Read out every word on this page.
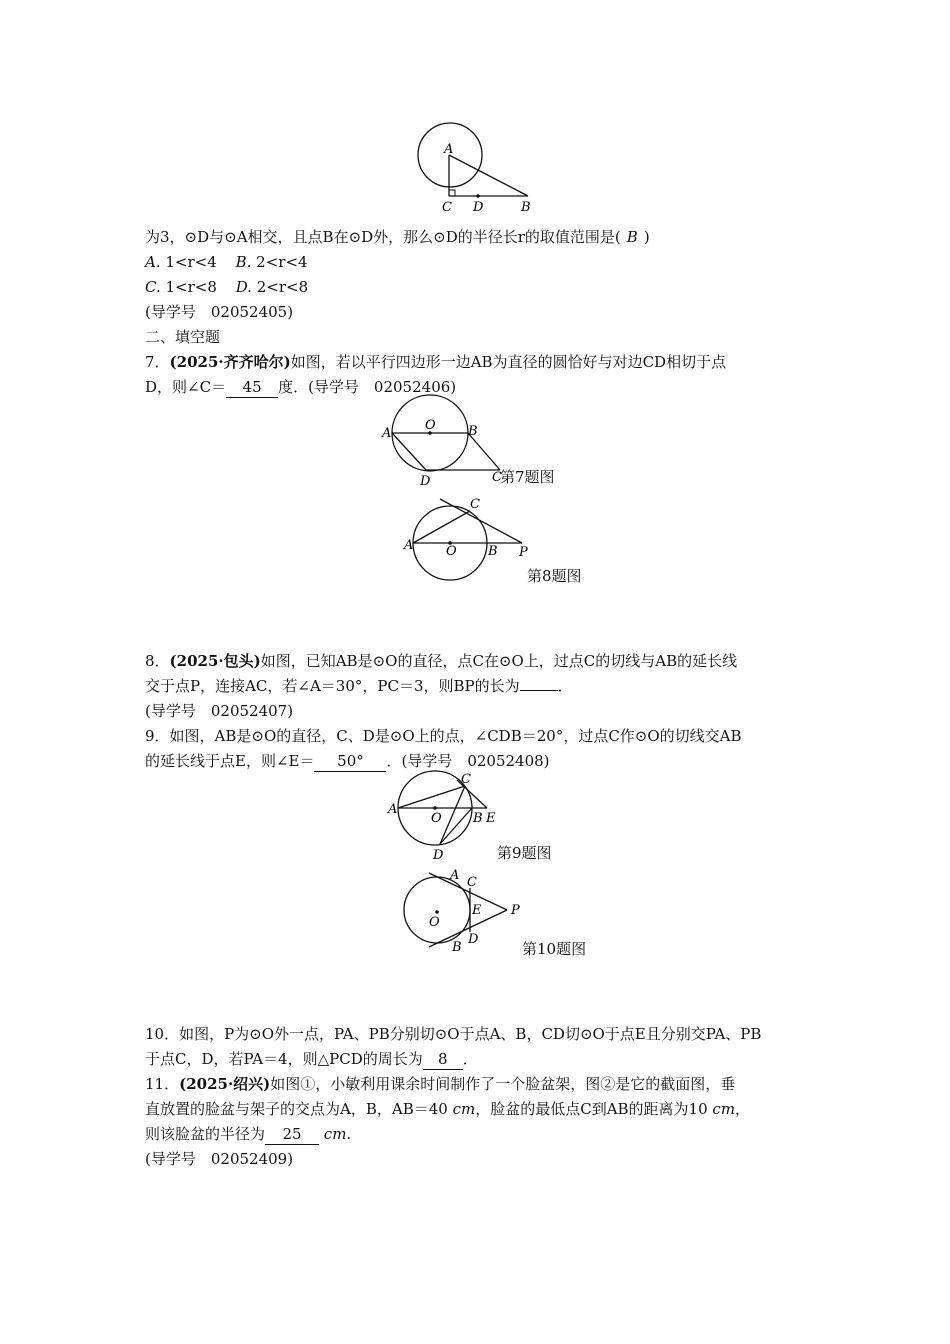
A
C D	B
为3，⊙D与⊙A相交，且点B在⊙D外，那么⊙D的半径长r的取值范围是( B )
A. 1<r<4 B. 2<r<4
C. 1<r<8 D. 2<r<8
(导学号　02052405)
二、填空题
7．(2025·齐齐哈尔)如图，若以平行四边形一边AB为直径的圆恰好与对边CD相切于点
D，则∠C＝ 45 度．(导学号　02052406)
A
O B
D	C
第7题图
A	O B
C
P
第8题图
8．(2025·包头)如图，已知AB是⊙O的直径，点C在⊙O上，过点C的切线与AB的延长线
交于点P，连接AC，若∠A＝30°，PC＝3，则BP的长为	．
(导学号　02052407)
9．如图，AB是⊙O的直径，C、D是⊙O上的点，∠CDB＝20°，过点C作⊙O的切线交AB
的延长线于点E，则∠E＝ 50° ．(导学号　02052408)
A
O B E
C
D	第9题图
A C
E P
O
B
D
第10题图
10．如图，P为⊙O外一点，PA、PB分别切⊙O于点A、B，CD切⊙O于点E且分别交PA、PB
于点C，D，若PA＝4，则△PCD的周长为 8 ．
11．(2025·绍兴)如图①，小敏利用课余时间制作了一个脸盆架，图②是它的截面图，垂
直放置的脸盆与架子的交点为A，B，AB＝40 cm，脸盆的最低点C到AB的距离为10 cm，
则该脸盆的半径为 25 cm.
(导学号　02052409)
